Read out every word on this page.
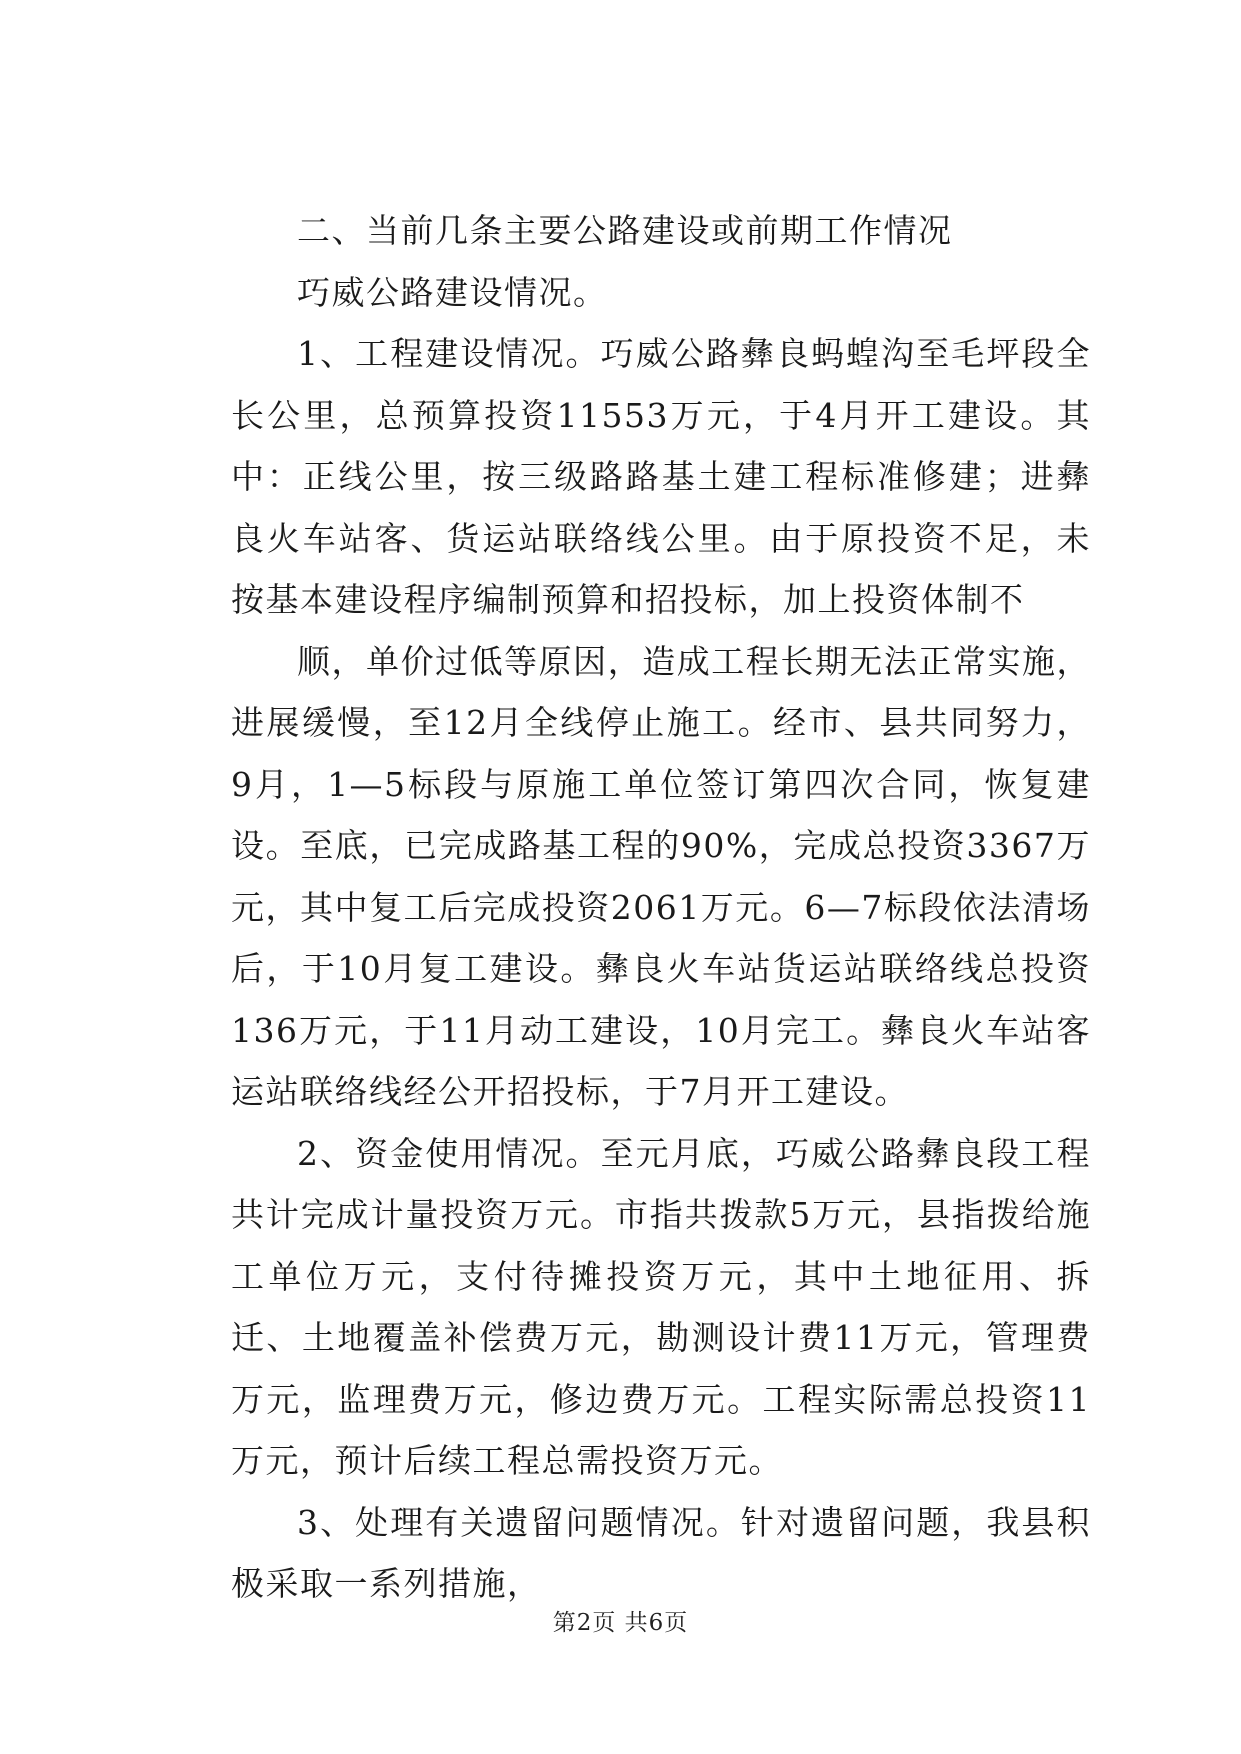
二、当前几条主要公路建设或前期工作情况

巧威公路建设情况。

1、工程建设情况。巧威公路彝良蚂蝗沟至毛坪段全长公里，总预算投资11553万元，于4月开工建设。其中：正线公里，按三级路路基土建工程标准修建；进彝良火车站客、货运站联络线公里。由于原投资不足，未按基本建设程序编制预算和招投标，加上投资体制不

顺，单价过低等原因，造成工程长期无法正常实施，进展缓慢，至12月全线停止施工。经市、县共同努力，9月，1—5标段与原施工单位签订第四次合同，恢复建设。至底，已完成路基工程的90%，完成总投资3367万元，其中复工后完成投资2061万元。6—7标段依法清场后，于10月复工建设。彝良火车站货运站联络线总投资136万元，于11月动工建设，10月完工。彝良火车站客运站联络线经公开招投标，于7月开工建设。

2、资金使用情况。至元月底，巧威公路彝良段工程共计完成计量投资万元。市指共拨款5万元，县指拨给施工单位万元，支付待摊投资万元，其中土地征用、拆迁、土地覆盖补偿费万元，勘测设计费11万元，管理费万元，监理费万元，修边费万元。工程实际需总投资11万元，预计后续工程总需投资万元。

3、处理有关遗留问题情况。针对遗留问题，我县积极采取一系列措施，

第2页 共6页
